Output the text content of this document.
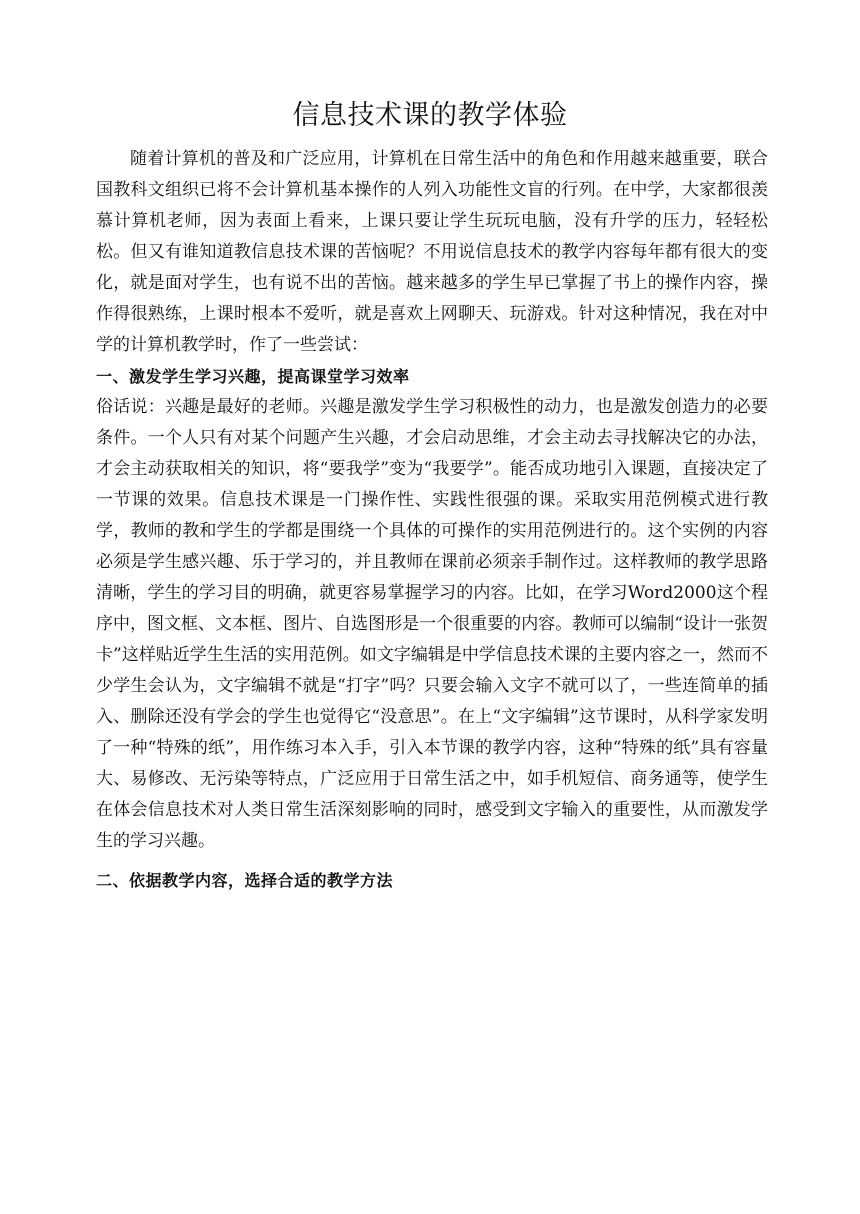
信息技术课的教学体验

随着计算机的普及和广泛应用，计算机在日常生活中的角色和作用越来越重要，联合国教科文组织已将不会计算机基本操作的人列入功能性文盲的行列。在中学，大家都很羡慕计算机老师，因为表面上看来，上课只要让学生玩玩电脑，没有升学的压力，轻轻松松。但又有谁知道教信息技术课的苦恼呢？不用说信息技术的教学内容每年都有很大的变化，就是面对学生，也有说不出的苦恼。越来越多的学生早已掌握了书上的操作内容，操作得很熟练，上课时根本不爱听，就是喜欢上网聊天、玩游戏。针对这种情况，我在对中学的计算机教学时，作了一些尝试：

一、激发学生学习兴趣，提高课堂学习效率

俗话说：兴趣是最好的老师。兴趣是激发学生学习积极性的动力，也是激发创造力的必要条件。一个人只有对某个问题产生兴趣，才会启动思维，才会主动去寻找解决它的办法，才会主动获取相关的知识，将“要我学”变为“我要学”。能否成功地引入课题，直接决定了一节课的效果。信息技术课是一门操作性、实践性很强的课。采取实用范例模式进行教学，教师的教和学生的学都是围绕一个具体的可操作的实用范例进行的。这个实例的内容必须是学生感兴趣、乐于学习的，并且教师在课前必须亲手制作过。这样教师的教学思路清晰，学生的学习目的明确，就更容易掌握学习的内容。比如，在学习Word2000这个程序中，图文框、文本框、图片、自选图形是一个很重要的内容。教师可以编制“设计一张贺卡”这样贴近学生生活的实用范例。如文字编辑是中学信息技术课的主要内容之一，然而不少学生会认为，文字编辑不就是“打字”吗？只要会输入文字不就可以了，一些连简单的插入、删除还没有学会的学生也觉得它“没意思”。在上“文字编辑”这节课时，从科学家发明了一种“特殊的纸”，用作练习本入手，引入本节课的教学内容，这种“特殊的纸”具有容量大、易修改、无污染等特点，广泛应用于日常生活之中，如手机短信、商务通等，使学生在体会信息技术对人类日常生活深刻影响的同时，感受到文字输入的重要性，从而激发学生的学习兴趣。

二、依据教学内容，选择合适的教学方法
